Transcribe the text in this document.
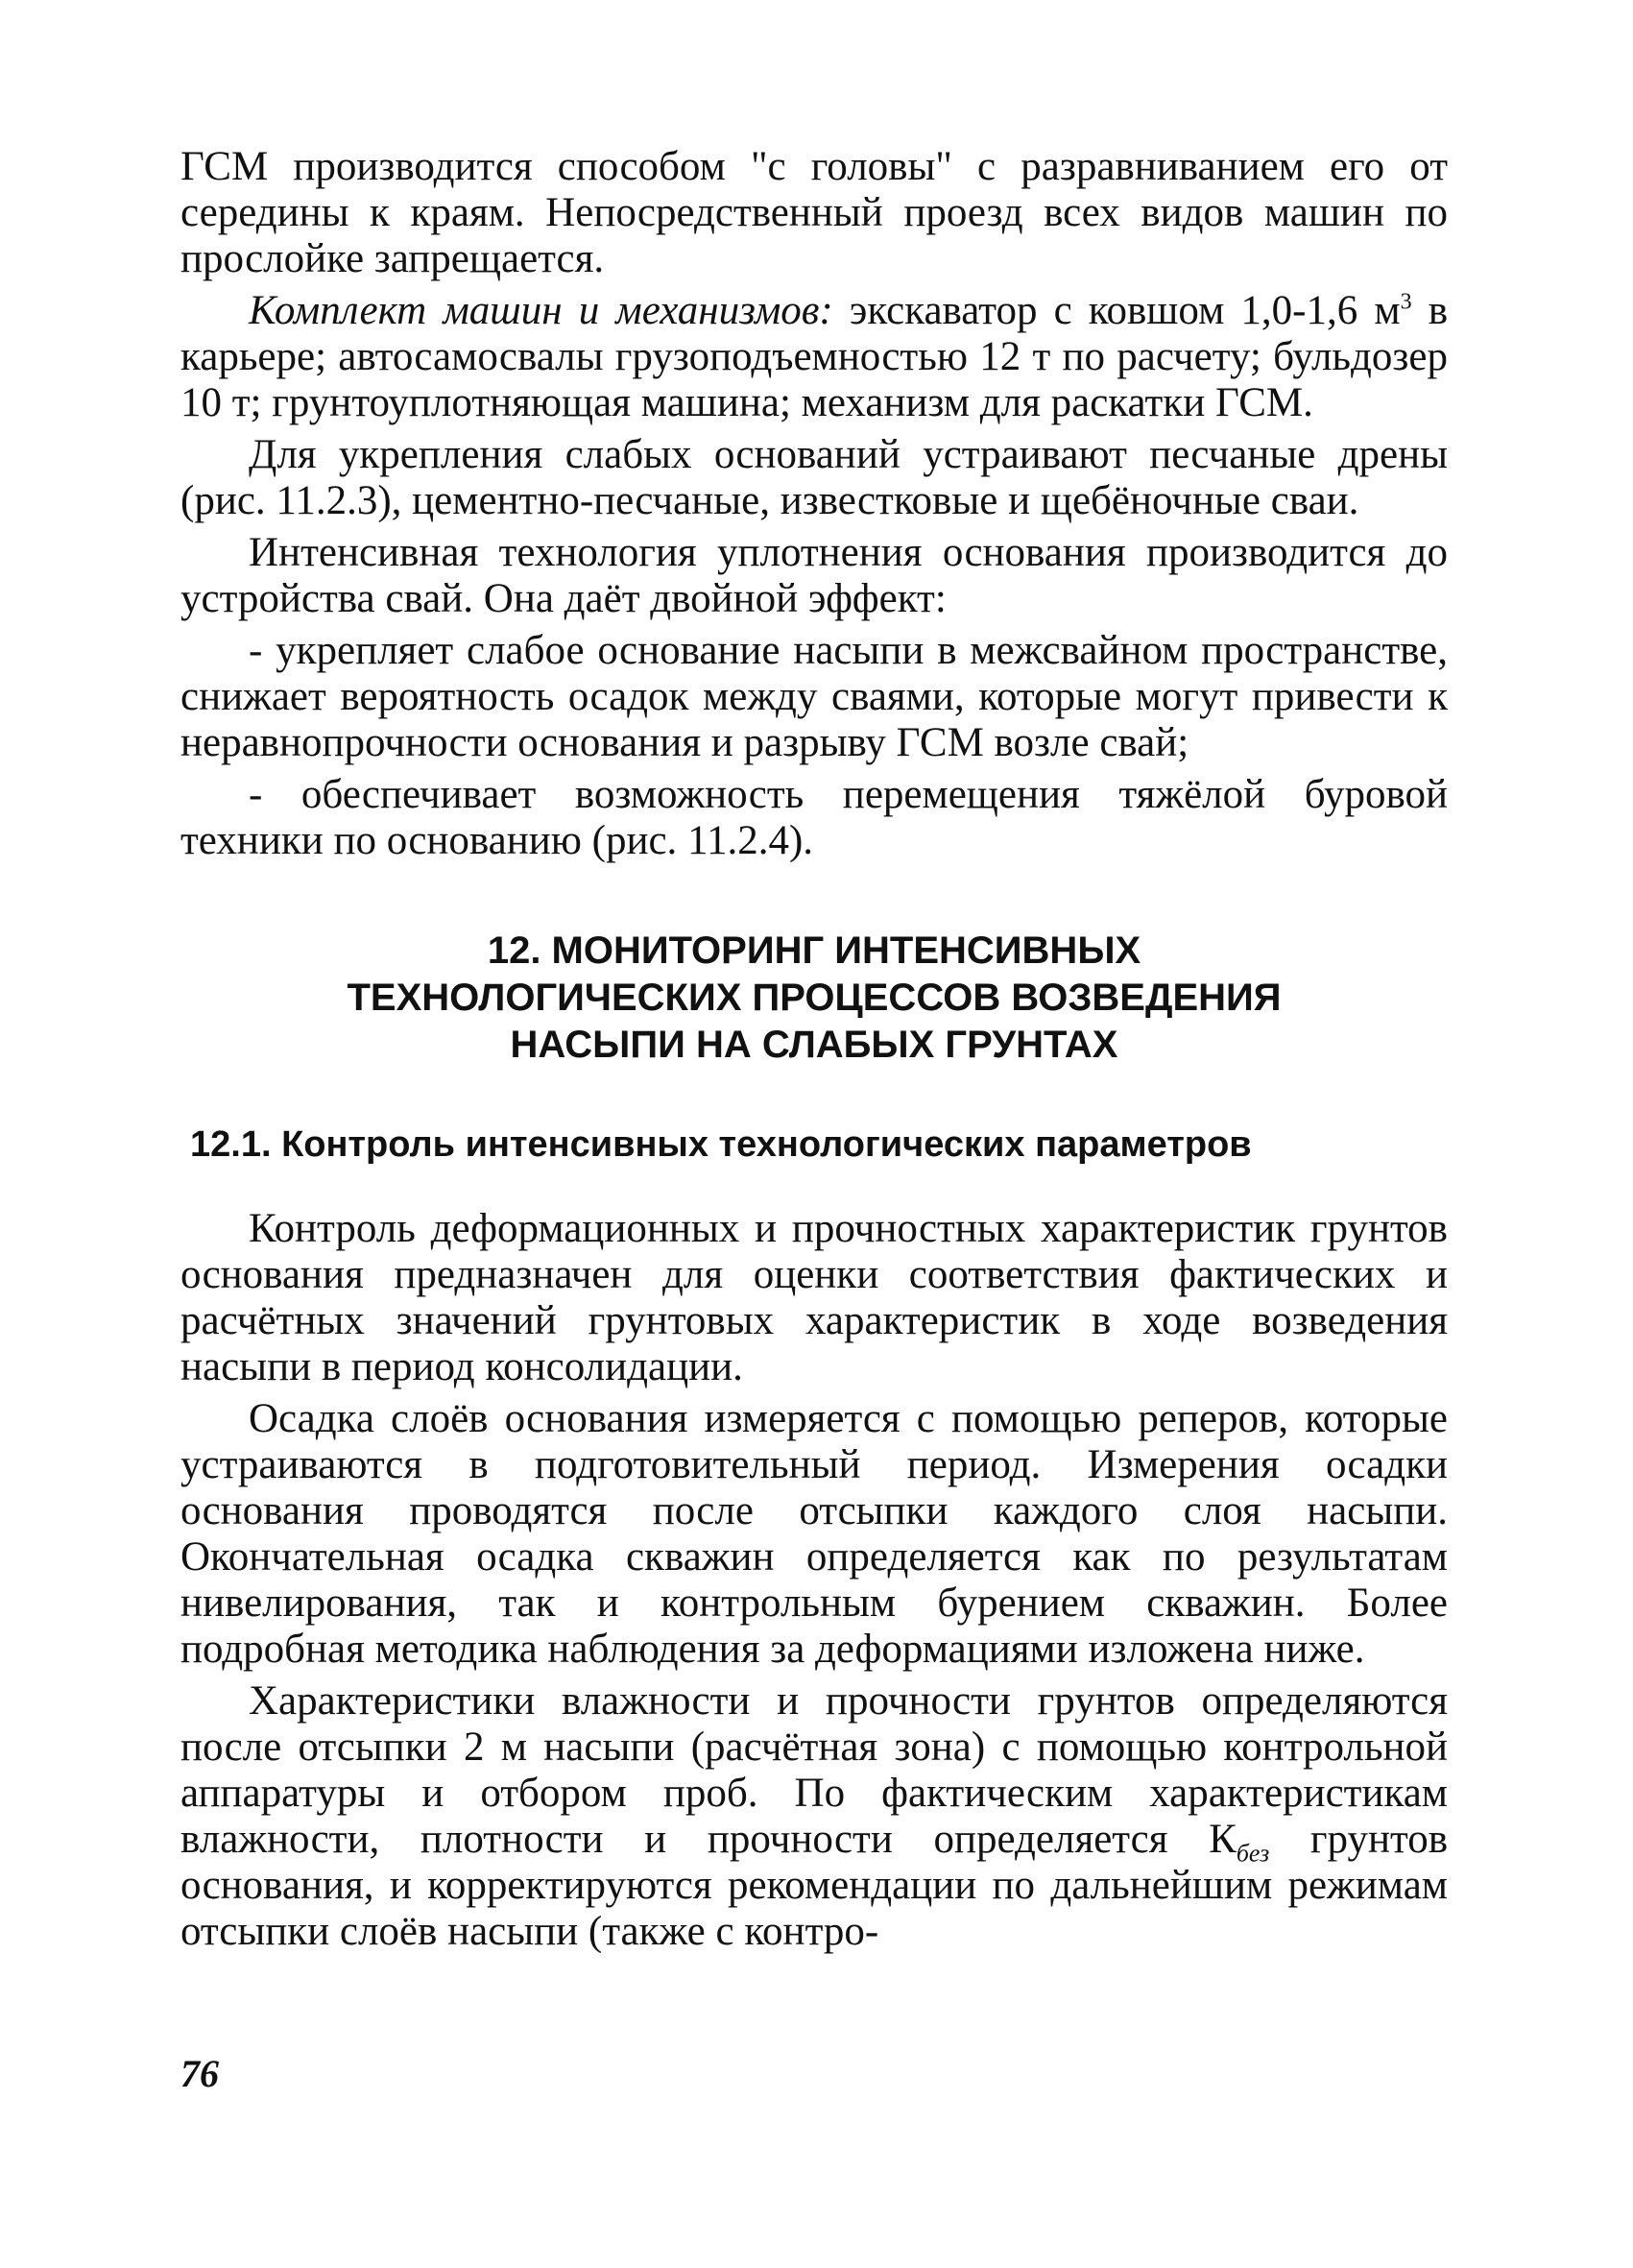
ГСМ производится способом "с головы" с разравниванием его от середины к краям. Непосредственный проезд всех видов машин по прослойке запрещается.

Комплект машин и механизмов: экскаватор с ковшом 1,0-1,6 $м^3$ в карьере; автосамосвалы грузоподъемностью 12 т по расчету; бульдозер 10 т; грунтоуплотняющая машина; механизм для раскатки ГСМ.

Для укрепления слабых оснований устраивают песчаные дрены (рис. 11.2.3), цементно-песчаные, известковые и щебёночные сваи.

Интенсивная технология уплотнения основания производится до устройства свай. Она даёт двойной эффект:

- укрепляет слабое основание насыпи в межсвайном пространстве, снижает вероятность осадок между сваями, которые могут привести к неравнопрочности основания и разрыву ГСМ возле свай;

- обеспечивает возможность перемещения тяжёлой буровой техники по основанию (рис. 11.2.4).

12. МОНИТОРИНГ ИНТЕНСИВНЫХ
ТЕХНОЛОГИЧЕСКИХ ПРОЦЕССОВ ВОЗВЕДЕНИЯ
НАСЫПИ НА СЛАБЫХ ГРУНТАХ
12.1. Контроль интенсивных технологических параметров

Контроль деформационных и прочностных характеристик грунтов основания предназначен для оценки соответствия фактических и расчётных значений грунтовых характеристик в ходе возведения насыпи в период консолидации.

Осадка слоёв основания измеряется с помощью реперов, которые устраиваются в подготовительный период. Измерения осадки основания проводятся после отсыпки каждого слоя насыпи. Окончательная осадка скважин определяется как по результатам нивелирования, так и контрольным бурением скважин. Более подробная методика наблюдения за деформациями изложена ниже.

Характеристики влажности и прочности грунтов определяются после отсыпки 2 м насыпи (расчётная зона) с помощью контрольной аппаратуры и отбором проб. По фактическим характеристикам влажности, плотности и прочности определяется $К_{без}$ грунтов основания, и корректируются рекомендации по дальнейшим режимам отсыпки слоёв насыпи (также с контро-

76
